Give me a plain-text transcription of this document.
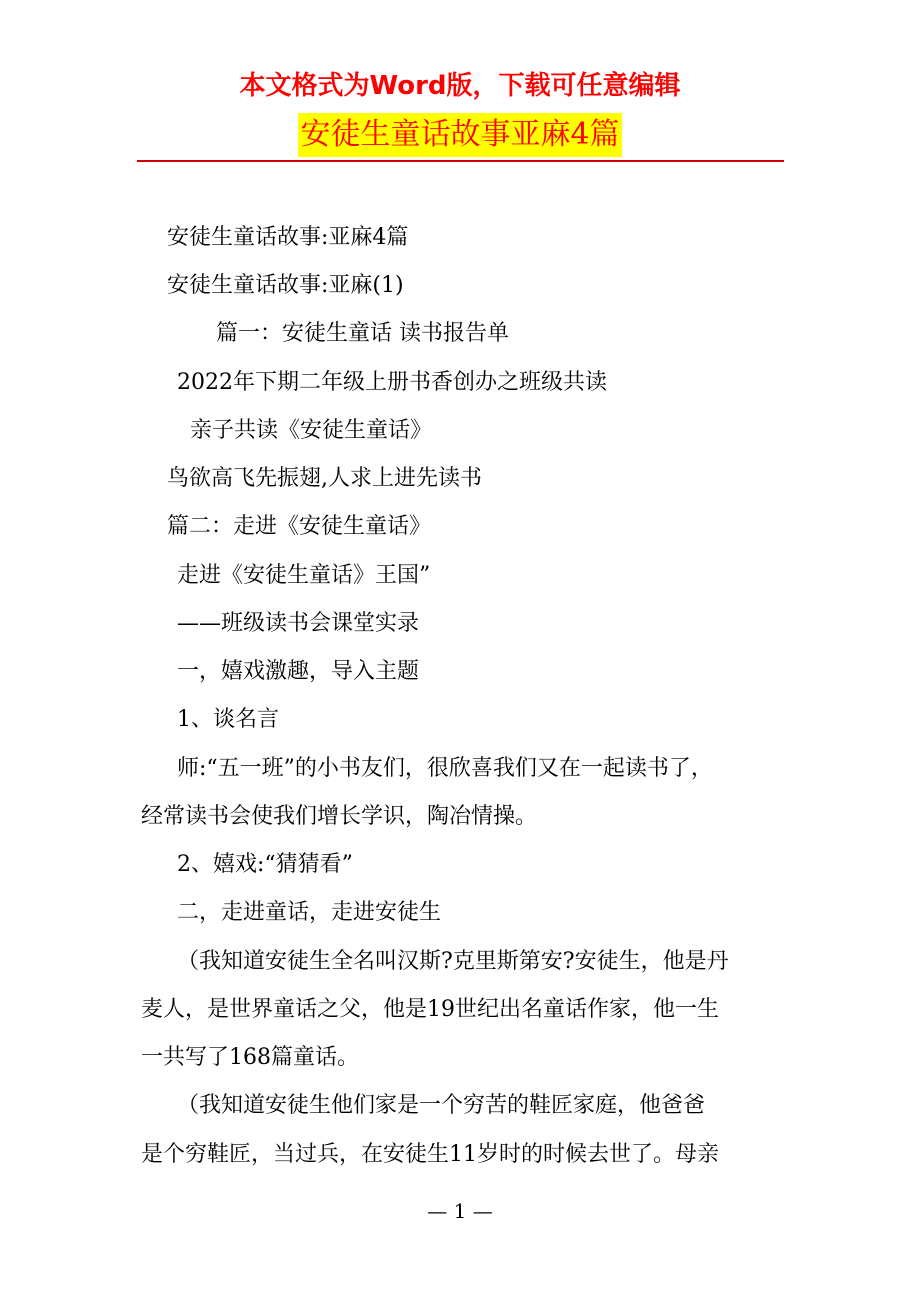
本文格式为Word版，下载可任意编辑
安徒生童话故事亚麻4篇
安徒生童话故事:亚麻4篇
安徒生童话故事:亚麻(1)
篇一：安徒生童话 读书报告单
2022年下期二年级上册书香创办之班级共读
亲子共读《安徒生童话》
鸟欲高飞先振翅,人求上进先读书
篇二：走进《安徒生童话》
走进《安徒生童话》王国”
——班级读书会课堂实录
一，嬉戏激趣，导入主题
1、谈名言
师:“五一班”的小书友们，很欣喜我们又在一起读书了，
经常读书会使我们增长学识，陶冶情操。
2、嬉戏:“猜猜看”
二，走进童话，走进安徒生
（我知道安徒生全名叫汉斯?克里斯第安?安徒生，他是丹
麦人，是世界童话之父，他是19世纪出名童话作家，他一生
一共写了168篇童话。
（我知道安徒生他们家是一个穷苦的鞋匠家庭，他爸爸
是个穷鞋匠，当过兵，在安徒生11岁时的时候去世了。母亲
— 1 —
